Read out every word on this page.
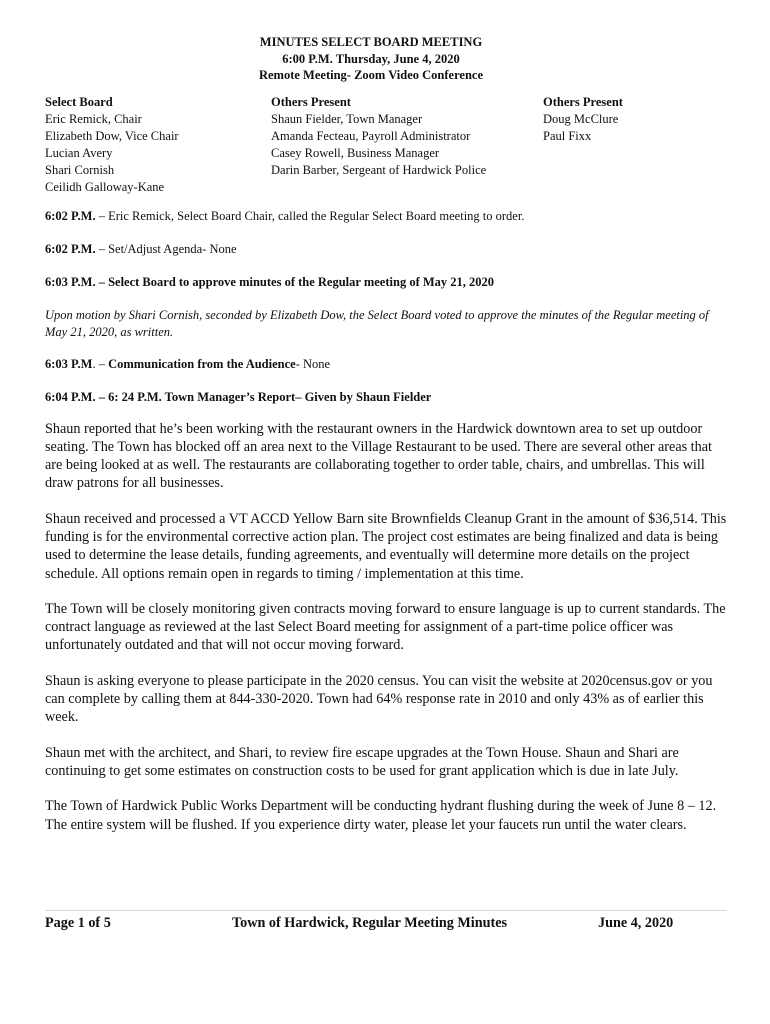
MINUTES SELECT BOARD MEETING
6:00 P.M. Thursday, June 4, 2020
Remote Meeting- Zoom Video Conference
Select Board
Eric Remick, Chair
Elizabeth Dow, Vice Chair
Lucian Avery
Shari Cornish
Ceilidh Galloway-Kane
Others Present
Shaun Fielder, Town Manager
Amanda Fecteau, Payroll Administrator
Casey Rowell, Business Manager
Darin Barber, Sergeant of Hardwick Police
Others Present
Doug McClure
Paul Fixx

6:02 P.M. – Eric Remick, Select Board Chair, called the Regular Select Board meeting to order.

6:02 P.M. – Set/Adjust Agenda- None

6:03 P.M. – Select Board to approve minutes of the Regular meeting of May 21, 2020

Upon motion by Shari Cornish, seconded by Elizabeth Dow, the Select Board voted to approve the minutes of the Regular meeting of May 21, 2020, as written.

6:03 P.M. – Communication from the Audience- None

6:04 P.M. – 6: 24 P.M. Town Manager’s Report– Given by Shaun Fielder

Shaun reported that he’s been working with the restaurant owners in the Hardwick downtown area to set up outdoor seating. The Town has blocked off an area next to the Village Restaurant to be used. There are several other areas that are being looked at as well. The restaurants are collaborating together to order table, chairs, and umbrellas. This will draw patrons for all businesses.

Shaun received and processed a VT ACCD Yellow Barn site Brownfields Cleanup Grant in the amount of $36,514. This funding is for the environmental corrective action plan. The project cost estimates are being finalized and data is being used to determine the lease details, funding agreements, and eventually will determine more details on the project schedule. All options remain open in regards to timing / implementation at this time.

The Town will be closely monitoring given contracts moving forward to ensure language is up to current standards. The contract language as reviewed at the last Select Board meeting for assignment of a part-time police officer was unfortunately outdated and that will not occur moving forward.

Shaun is asking everyone to please participate in the 2020 census. You can visit the website at 2020census.gov or you can complete by calling them at 844-330-2020. Town had 64% response rate in 2010 and only 43% as of earlier this week.

Shaun met with the architect, and Shari, to review fire escape upgrades at the Town House. Shaun and Shari are continuing to get some estimates on construction costs to be used for grant application which is due in late July.

The Town of Hardwick Public Works Department will be conducting hydrant flushing during the week of June 8 – 12. The entire system will be flushed. If you experience dirty water, please let your faucets run until the water clears.

Page 1 of 5	Town of Hardwick, Regular Meeting Minutes	June 4, 2020
